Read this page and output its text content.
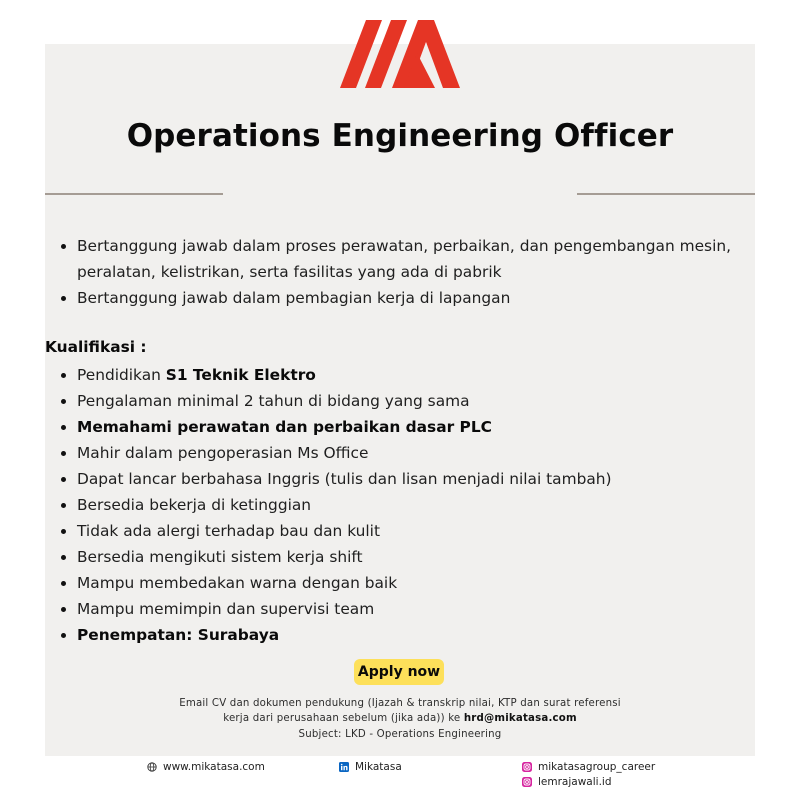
Operations Engineering Officer
Bertanggung jawab dalam proses perawatan, perbaikan, dan pengembangan mesin, peralatan, kelistrikan, serta fasilitas yang ada di pabrik
Bertanggung jawab dalam pembagian kerja di lapangan

Kualifikasi :

Pendidikan S1 Teknik Elektro
Pengalaman minimal 2 tahun di bidang yang sama
Memahami perawatan dan perbaikan dasar PLC
Mahir dalam pengoperasian Ms Office
Dapat lancar berbahasa Inggris (tulis dan lisan menjadi nilai tambah)
Bersedia bekerja di ketinggian
Tidak ada alergi terhadap bau dan kulit
Bersedia mengikuti sistem kerja shift
Mampu membedakan warna dengan baik
Mampu memimpin dan supervisi team
Penempatan: Surabaya
Apply now

Email CV dan dokumen pendukung (Ijazah & transkrip nilai, KTP dan surat referensi
kerja dari perusahaan sebelum (jika ada)) ke hrd@mikatasa.com
Subject: LKD - Operations Engineering

www.mikatasa.com	Mikatasa	mikatasagroup_career
lemrajawali.id
